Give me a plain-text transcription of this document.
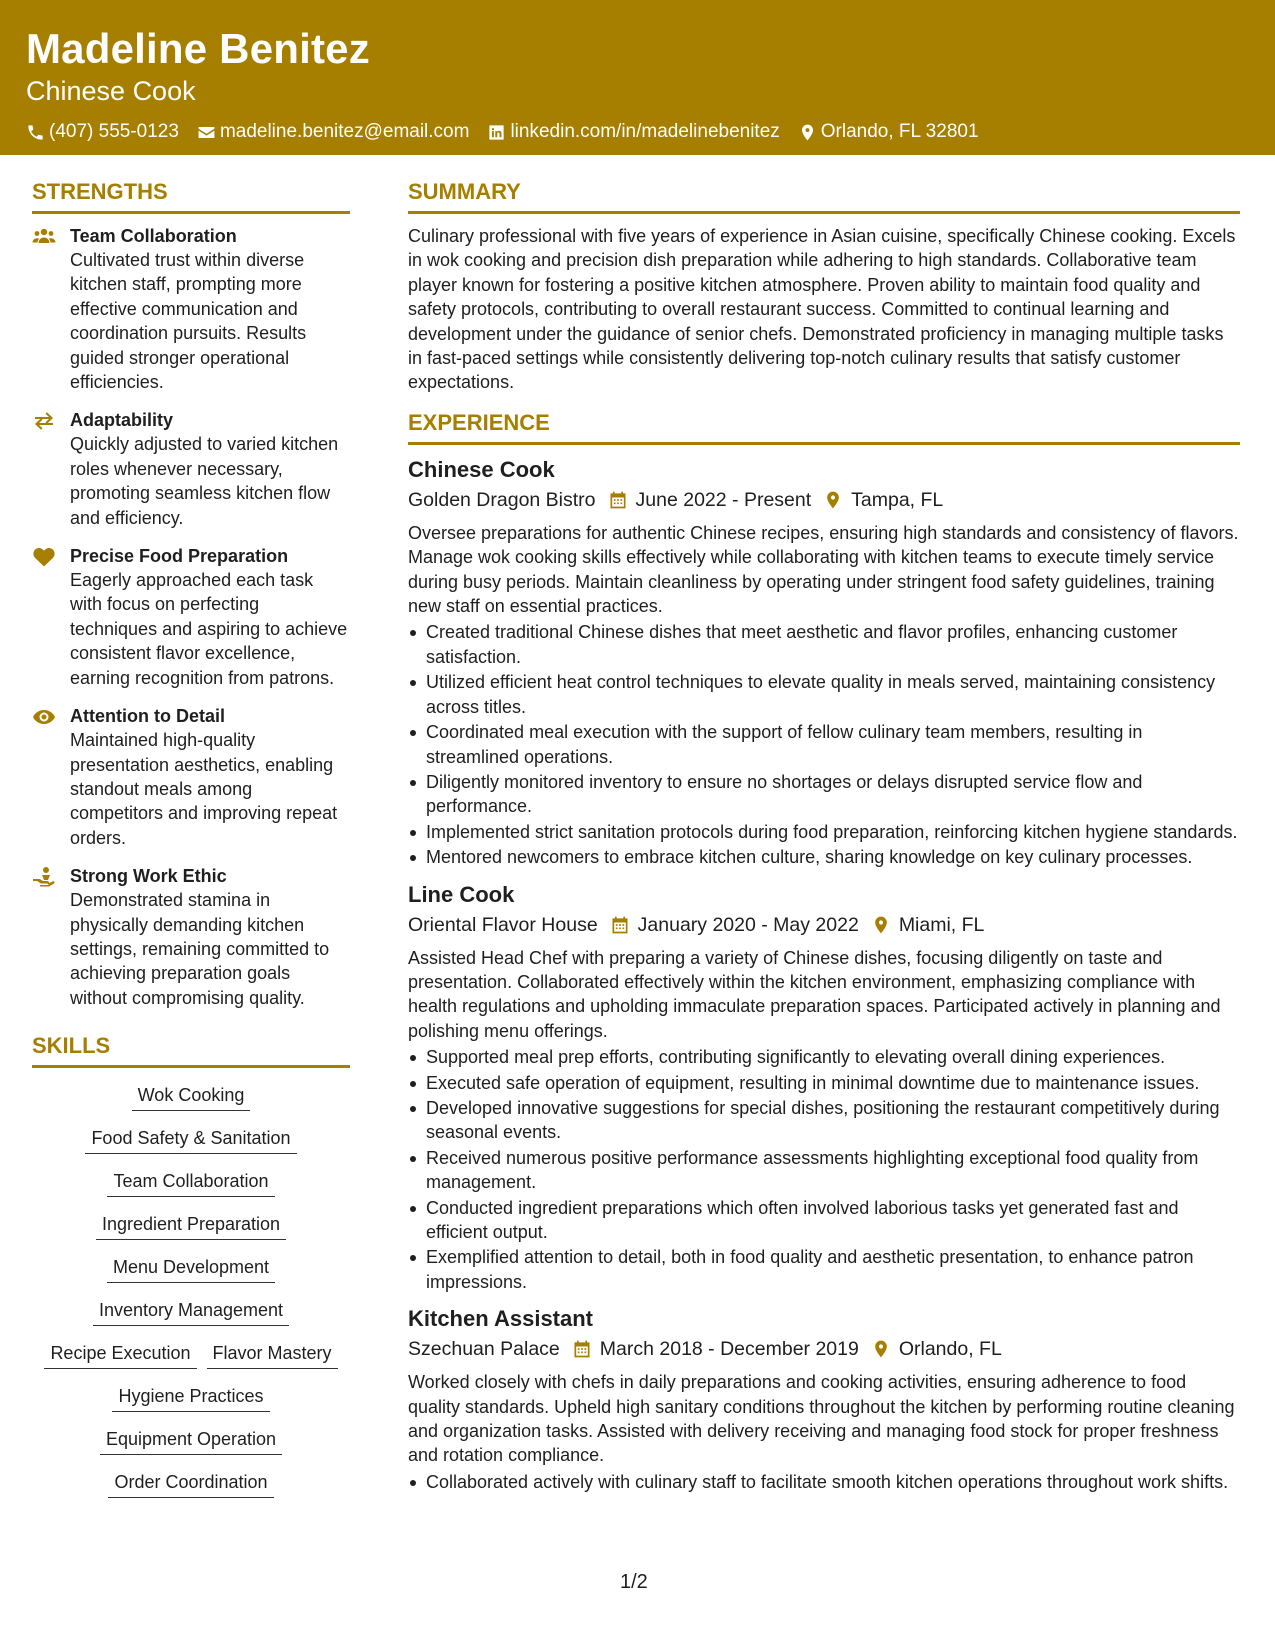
Madeline Benitez
Chinese Cook
(407) 555-0123 madeline.benitez@email.com linkedin.com/in/madelinebenitez Orlando, FL 32801
STRENGTHS
Team Collaboration
Cultivated trust within diverse kitchen staff, prompting more effective communication and coordination pursuits. Results guided stronger operational efficiencies.
Adaptability
Quickly adjusted to varied kitchen roles whenever necessary, promoting seamless kitchen flow and efficiency.
Precise Food Preparation
Eagerly approached each task with focus on perfecting techniques and aspiring to achieve consistent flavor excellence, earning recognition from patrons.
Attention to Detail
Maintained high-quality presentation aesthetics, enabling standout meals among competitors and improving repeat orders.
Strong Work Ethic
Demonstrated stamina in physically demanding kitchen settings, remaining committed to achieving preparation goals without compromising quality.
SKILLS
Wok Cooking
Food Safety & Sanitation
Team Collaboration
Ingredient Preparation
Menu Development
Inventory Management
Recipe Execution	Flavor Mastery
Hygiene Practices
Equipment Operation
Order Coordination
SUMMARY
Culinary professional with five years of experience in Asian cuisine, specifically Chinese cooking. Excels in wok cooking and precision dish preparation while adhering to high standards. Collaborative team player known for fostering a positive kitchen atmosphere. Proven ability to maintain food quality and safety protocols, contributing to overall restaurant success. Committed to continual learning and development under the guidance of senior chefs. Demonstrated proficiency in managing multiple tasks in fast-paced settings while consistently delivering top-notch culinary results that satisfy customer expectations.
EXPERIENCE
Chinese Cook
Golden Dragon Bistro June 2022 - Present Tampa, FL
Oversee preparations for authentic Chinese recipes, ensuring high standards and consistency of flavors. Manage wok cooking skills effectively while collaborating with kitchen teams to execute timely service during busy periods. Maintain cleanliness by operating under stringent food safety guidelines, training new staff on essential practices.
Created traditional Chinese dishes that meet aesthetic and flavor profiles, enhancing customer satisfaction.
Utilized efficient heat control techniques to elevate quality in meals served, maintaining consistency across titles.
Coordinated meal execution with the support of fellow culinary team members, resulting in streamlined operations.
Diligently monitored inventory to ensure no shortages or delays disrupted service flow and performance.
Implemented strict sanitation protocols during food preparation, reinforcing kitchen hygiene standards.
Mentored newcomers to embrace kitchen culture, sharing knowledge on key culinary processes.
Line Cook
Oriental Flavor House January 2020 - May 2022 Miami, FL
Assisted Head Chef with preparing a variety of Chinese dishes, focusing diligently on taste and presentation. Collaborated effectively within the kitchen environment, emphasizing compliance with health regulations and upholding immaculate preparation spaces. Participated actively in planning and polishing menu offerings.
Supported meal prep efforts, contributing significantly to elevating overall dining experiences.
Executed safe operation of equipment, resulting in minimal downtime due to maintenance issues.
Developed innovative suggestions for special dishes, positioning the restaurant competitively during seasonal events.
Received numerous positive performance assessments highlighting exceptional food quality from management.
Conducted ingredient preparations which often involved laborious tasks yet generated fast and efficient output.
Exemplified attention to detail, both in food quality and aesthetic presentation, to enhance patron impressions.
Kitchen Assistant
Szechuan Palace March 2018 - December 2019 Orlando, FL
Worked closely with chefs in daily preparations and cooking activities, ensuring adherence to food quality standards. Upheld high sanitary conditions throughout the kitchen by performing routine cleaning and organization tasks. Assisted with delivery receiving and managing food stock for proper freshness and rotation compliance.
Collaborated actively with culinary staff to facilitate smooth kitchen operations throughout work shifts.
1/2
